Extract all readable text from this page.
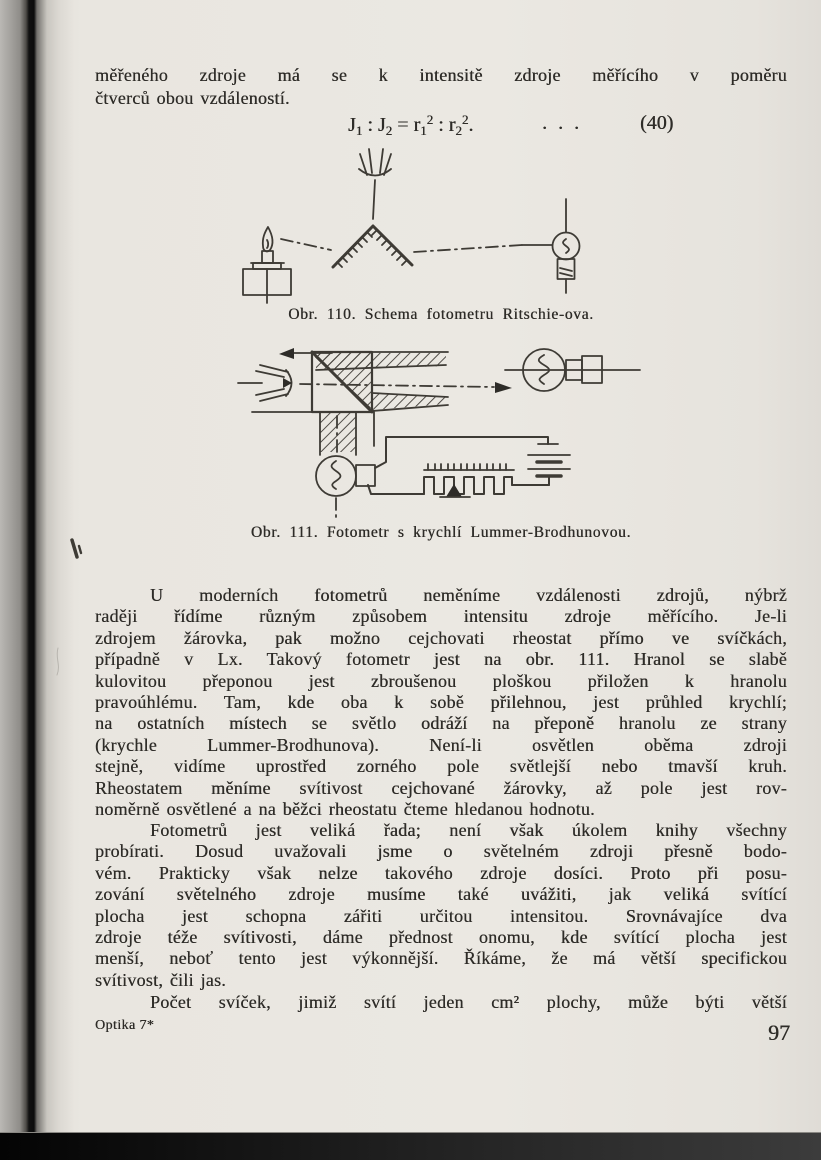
měřeného zdroje má se k intensitě zdroje měřícího v poměru
čtverců obou vzdáleností.
$J_1$ : $J_2 = r_1^2$ : $r_2^2$.	. . .	(40)
Obr. 110. Schema fotometru Ritschie-ova.
Obr. 111. Fotometr s krychlí Lummer-Brodhunovou.
U moderních fotometrů neměníme vzdálenosti zdrojů, nýbrž
raději řídíme různým způsobem intensitu zdroje měřícího. Je-li
zdrojem žárovka, pak možno cejchovati rheostat přímo ve svíčkách,
případně v Lx. Takový fotometr jest na obr. 111. Hranol se slabě
kulovitou přeponou jest zbroušenou ploškou přiložen k hranolu
pravoúhlému. Tam, kde oba k sobě přilehnou, jest průhled krychlí;
na ostatních místech se světlo odráží na přeponě hranolu ze strany
(krychle Lummer-Brodhunova). Není-li osvětlen oběma zdroji
stejně, vidíme uprostřed zorného pole světlejší nebo tmavší kruh.
Rheostatem měníme svítivost cejchované žárovky, až pole jest rov-
noměrně osvětlené a na běžci rheostatu čteme hledanou hodnotu.
Fotometrů jest veliká řada; není však úkolem knihy všechny
probírati. Dosud uvažovali jsme o světelném zdroji přesně bodo-
vém. Prakticky však nelze takového zdroje dosíci. Proto při posu-
zování světelného zdroje musíme také uvážiti, jak veliká svítící
plocha jest schopna zářiti určitou intensitou. Srovnávajíce dva
zdroje téže svítivosti, dáme přednost onomu, kde svítící plocha jest
menší, neboť tento jest výkonnější. Říkáme, že má větší specifickou
svítivost, čili jas.
Počet svíček, jimiž svítí jeden cm² plochy, může býti větší
Optika 7*	97
